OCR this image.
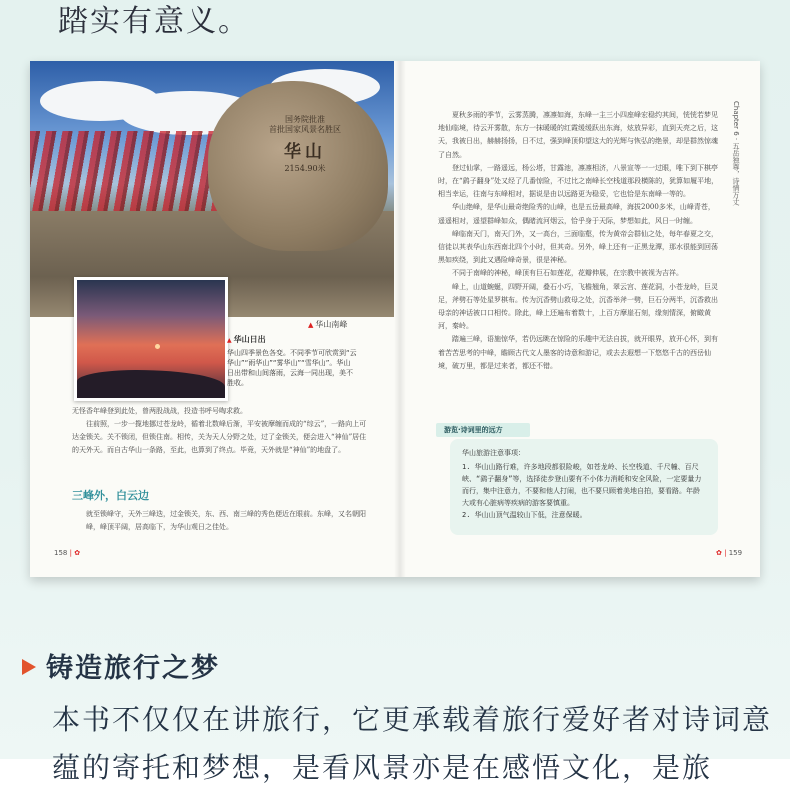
踏实有意义。
国务院批准
首批国家风景名胜区
华山
2154.90米
▲ 华山南峰
▲ 华山日出
华山四季景色各变。不同季节可欣赏到“云华山”“雨华山”“雾华山”“雪华山”。华山日出带和山间落雨，云海一同出现，美不胜收。

无怪香年峰登到此处，曾两股战战，投造书呼号啕求救。

往前照，一步一揽地挪过苍龙岭，循着北数峰后渐，平安被摩缠而成的“综云”，一路向上可达金锁关。关不锁闭，但锁住南。相传，关为天人分野之处，过了金锁关，便会进入“神仙”居住的天外天。而自古华山一条路，至此，也算到了终点。毕竟，天外就是“神仙”的地盘了。

三峰外，白云边
就至锁峰守，天外三峰迭，过金锁关，东、西、南三峰的秀色便近在眼前。东峰，又名朝阳峰，峰顶平阔，居高临下，为华山观日之佳处。
158 | ✿

夏秋多雨的季节，云雾蒸腾，凛凛如海，东峰一主三小四座峰宏稳约其间，恍恍若梦见地仙临境，待云开雾散，东方一抹暖暖的红霞缓缓跃出东海，炫放异彩，直到天亮之后，这天，我被日出，赫赫扬扬，日不过，强到峰顶仰望这大的光辉与恢弘的绝景，却是群然惊魂了自然。

登过仙掌，一路遥远，杨公塔，甘露池，凛凛相济，八景宣等一一过眼，唯下到下棋亭时，在“鹞子翻身”处又经了几番惊险，不过比之南峰长空栈道那段横陈的，犹算如履平地，相当幸运，往南与东峰相对，据说是由以远路更为稳妥，它也恰是东南峰一等的。

华山绝峰，是华山最奇绝险秀的山峰，也是五岳最高峰，海拔2000多米，山峰青苍，遥遥相对，遥望群峰如众，偶睹流河烟云，恰乎身于天际，梦想如此，风日一时缠。

峰临南天门，南天门外，又一高台，三面临壑，传为黄帝会群仙之处，每年春夏之交，信徒以其表华山东西南北四个小时，但其奇。另外，峰上还有一正黑龙潭，那水很能到回荡黑如疾绕，到此又遇险峰奇景，很是神秘。

不同于南峰的神秘，峰顶有巨石如莲花，花瓣伸展，在宗教中被视为吉祥。

峰上，山道蜿蜒，四野开阔，叠石小巧，飞檐翘角，翠云宫、莲花洞，小苍龙岭，巨灵足，斧劈石等处星罗棋布。传为沉香劈山救母之处，沉香举斧一劈，巨石分两半，沉香救出母亲的神话被口口相传。除此，峰上还遍布着数十，上百方摩崖石刻，缘刻情深，俯瞰黄河，秦岭。

踏遍三峰，语施惊华，若仍远眺在惊险的乐趣中无法自拔，就开眼界，放开心怀，到有着苦苦思考的中峰，瞻顾古代文人墨客的诗意和游记，或去去遐想一下悠悠千古的西岳仙境，破万里，都是过来者，都还不错。

Chapter 6 · 五岳独尊，诗情万丈
游览·诗词里的远方
华山旅游注意事项：
1. 华山山路行难，许多地段都很险峻，如苍龙岭、长空栈道、千尺幢、百尺峡、“鹞子翻身”等，选择徒步登山要有不小体力消耗和安全风险，一定要量力而行，集中注意力，不要和他人打闹，也不要只顾着美地自拍，要看路。年龄大或有心脏病等疾病的游客要慎重。
2. 华山山顶气温较山下低，注意保暖。
✿ | 159
铸造旅行之梦
本书不仅仅在讲旅行，它更承载着旅行爱好者对诗词意蕴的寄托和梦想，是看风景亦是在感悟文化，是旅
